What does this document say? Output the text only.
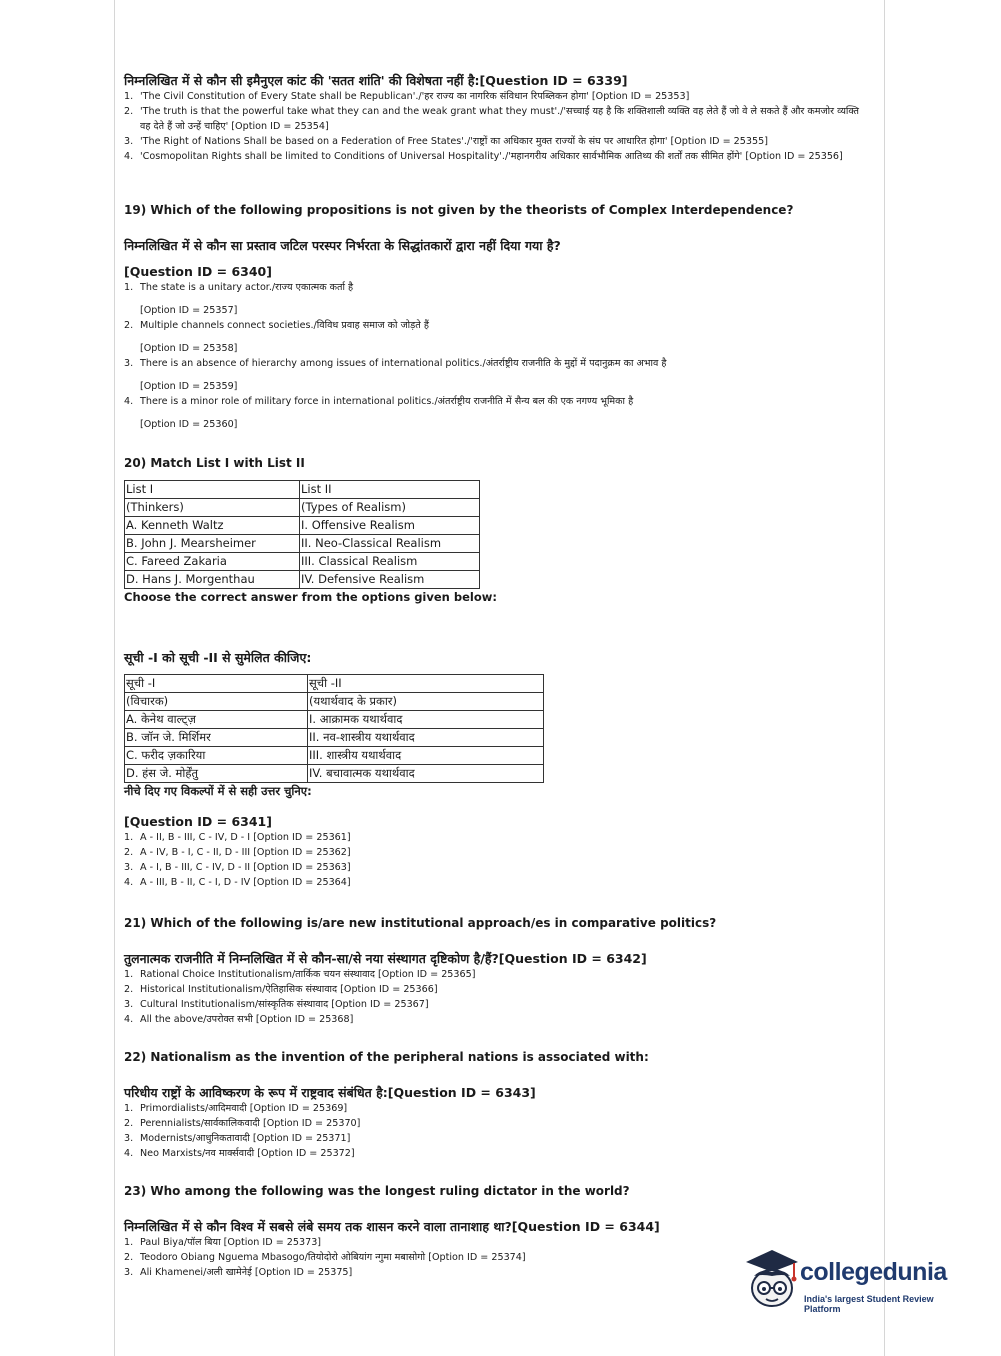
निम्नलिखित में से कौन सी इमैनुएल कांट की 'सतत शांति' की विशेषता नहीं है:[Question ID = 6339]

1. 'The Civil Constitution of Every State shall be Republican'./'हर राज्य का नागरिक संविधान रिपब्लिकन होगा' [Option ID = 25353]
2. 'The truth is that the powerful take what they can and the weak grant what they must'./'सच्चाई यह है कि शक्तिशाली व्यक्ति वह लेते हैं जो वे ले सकते हैं और कमजोर व्यक्ति वह देते हैं जो उन्हें चाहिए' [Option ID = 25354]
3. 'The Right of Nations Shall be based on a Federation of Free States'./'राष्ट्रों का अधिकार मुक्त राज्यों के संघ पर आधारित होगा' [Option ID = 25355]
4. 'Cosmopolitan Rights shall be limited to Conditions of Universal Hospitality'./'महानगरीय अधिकार सार्वभौमिक आतिथ्य की शर्तों तक सीमित होंगे' [Option ID = 25356]

19) Which of the following propositions is not given by the theorists of Complex Interdependence?

निम्नलिखित में से कौन सा प्रस्ताव जटिल परस्पर निर्भरता के सिद्धांतकारों द्वारा नहीं दिया गया है?

[Question ID = 6340]

1. The state is a unitary actor./राज्य एकात्मक कर्ता है
[Option ID = 25357]
2. Multiple channels connect societies./विविध प्रवाह समाज को जोड़ते हैं
[Option ID = 25358]
3. There is an absence of hierarchy among issues of international politics./अंतर्राष्ट्रीय राजनीति के मुद्दों में पदानुक्रम का अभाव है
[Option ID = 25359]
4. There is a minor role of military force in international politics./अंतर्राष्ट्रीय राजनीति में सैन्य बल की एक नगण्य भूमिका है
[Option ID = 25360]

20) Match List I with List II

List I	List II
(Thinkers)	(Types of Realism)
A. Kenneth Waltz	I. Offensive Realism
B. John J. Mearsheimer	II. Neo-Classical Realism
C. Fareed Zakaria	III. Classical Realism
D. Hans J. Morgenthau	IV. Defensive Realism
Choose the correct answer from the options given below:

सूची -I को सूची -II से सुमेलित कीजिए:

सूची -I	सूची -II
(विचारक)	(यथार्थवाद के प्रकार)
A. केनेथ वाल्ट्ज़	I. आक्रामक यथार्थवाद
B. जॉन जे. मिर्शिमर	II. नव-शास्त्रीय यथार्थवाद
C. फरीद ज़कारिया	III. शास्त्रीय यथार्थवाद
D. हंस जे. मोर्हेंतु	IV. बचावात्मक यथार्थवाद
नीचे दिए गए विकल्पों में से सही उत्तर चुनिए:

[Question ID = 6341]

1. A - II, B - III, C - IV, D - I [Option ID = 25361]
2. A - IV, B - I, C - II, D - III [Option ID = 25362]
3. A - I, B - III, C - IV, D - II [Option ID = 25363]
4. A - III, B - II, C - I, D - IV [Option ID = 25364]

21) Which of the following is/are new institutional approach/es in comparative politics?

तुलनात्मक राजनीति में निम्नलिखित में से कौन-सा/से नया संस्थागत दृष्टिकोण है/हैं?[Question ID = 6342]

1. Rational Choice Institutionalism/तार्किक चयन संस्थावाद [Option ID = 25365]
2. Historical Institutionalism/ऐतिहासिक संस्थावाद [Option ID = 25366]
3. Cultural Institutionalism/सांस्कृतिक संस्थावाद [Option ID = 25367]
4. All the above/उपरोक्त सभी [Option ID = 25368]

22) Nationalism as the invention of the peripheral nations is associated with:

परिधीय राष्ट्रों के आविष्करण के रूप में राष्ट्रवाद संबंधित है:[Question ID = 6343]

1. Primordialists/आदिमवादी [Option ID = 25369]
2. Perennialists/सार्वकालिकवादी [Option ID = 25370]
3. Modernists/आधुनिकतावादी [Option ID = 25371]
4. Neo Marxists/नव मार्क्सवादी [Option ID = 25372]

23) Who among the following was the longest ruling dictator in the world?

निम्नलिखित में से कौन विश्व में सबसे लंबे समय तक शासन करने वाला तानाशाह था?[Question ID = 6344]

1. Paul Biya/पॉल बिया [Option ID = 25373]
2. Teodoro Obiang Nguema Mbasogo/तियोदोरो ओबियांग न्गुमा मबासोगो [Option ID = 25374]
3. Ali Khamenei/अली खामेनेई [Option ID = 25375]	collegedunia
India's largest Student Review Platform
